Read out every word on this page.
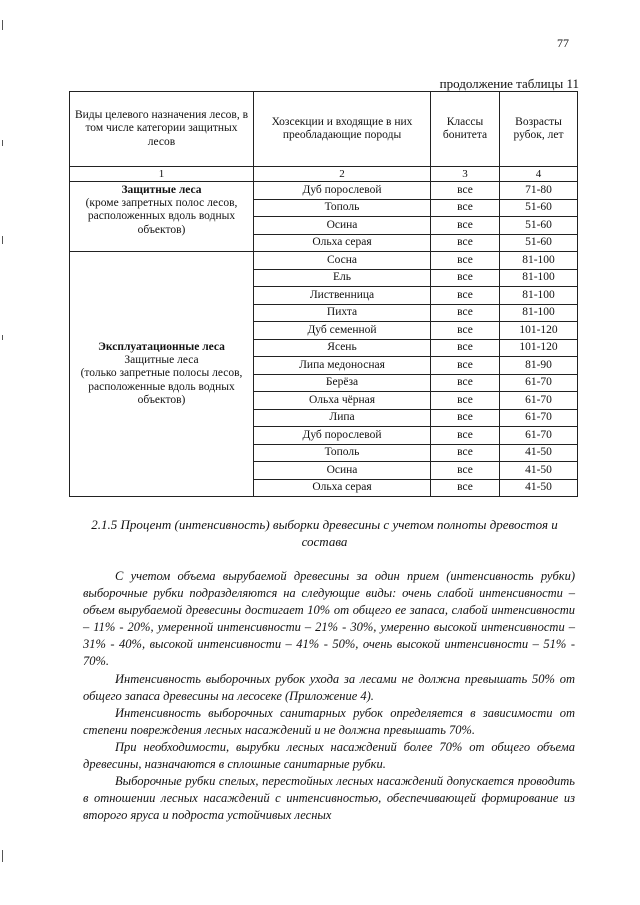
77
продолжение таблицы 11
Виды целевого назначения лесов, в том числе категории защитных лесов	Хозсекции и входящие в них преобладающие породы	Классы бонитета	Возрасты рубок, лет
1	2	3	4

Защитные леса
(кроме запретных полос лесов, расположенных вдоль водных объектов)	Дуб порослевой	все	71-80
	Тополь	все	51-60
	Осина	все	51-60
	Ольха серая	все	51-60

Эксплуатационные леса
Защитные леса
(только запретные полосы лесов, расположенные вдоль водных объектов)	Сосна	все	81-100
	Ель	все	81-100
	Лиственница	все	81-100
	Пихта	все	81-100
	Дуб семенной	все	101-120
	Ясень	все	101-120
	Липа медоносная	все	81-90
	Берёза	все	61-70
	Ольха чёрная	все	61-70
	Липа	все	61-70
	Дуб порослевой	все	61-70
	Тополь	все	41-50
	Осина	все	41-50
	Ольха серая	все	41-50
2.1.5 Процент (интенсивность) выборки древесины с учетом полноты древостоя и состава

С учетом объема вырубаемой древесины за один прием (интенсивность рубки) выборочные рубки подразделяются на следующие виды: очень слабой интенсивности – объем вырубаемой древесины достигает 10% от общего ее запаса, слабой интенсивности – 11% - 20%, умеренной интенсивности – 21% - 30%, умеренно высокой интенсивности – 31% - 40%, высокой интенсивности – 41% - 50%, очень высокой интенсивности – 51% - 70%.

Интенсивность выборочных рубок ухода за лесами не должна превышать 50% от общего запаса древесины на лесосеке (Приложение 4).

Интенсивность выборочных санитарных рубок определяется в зависимости от степени повреждения лесных насаждений и не должна превышать 70%.

При необходимости, вырубки лесных насаждений более 70% от общего объема древесины, назначаются в сплошные санитарные рубки.

Выборочные рубки спелых, перестойных лесных насаждений допускается проводить в отношении лесных насаждений с интенсивностью, обеспечивающей формирование из второго яруса и подроста устойчивых лесных
